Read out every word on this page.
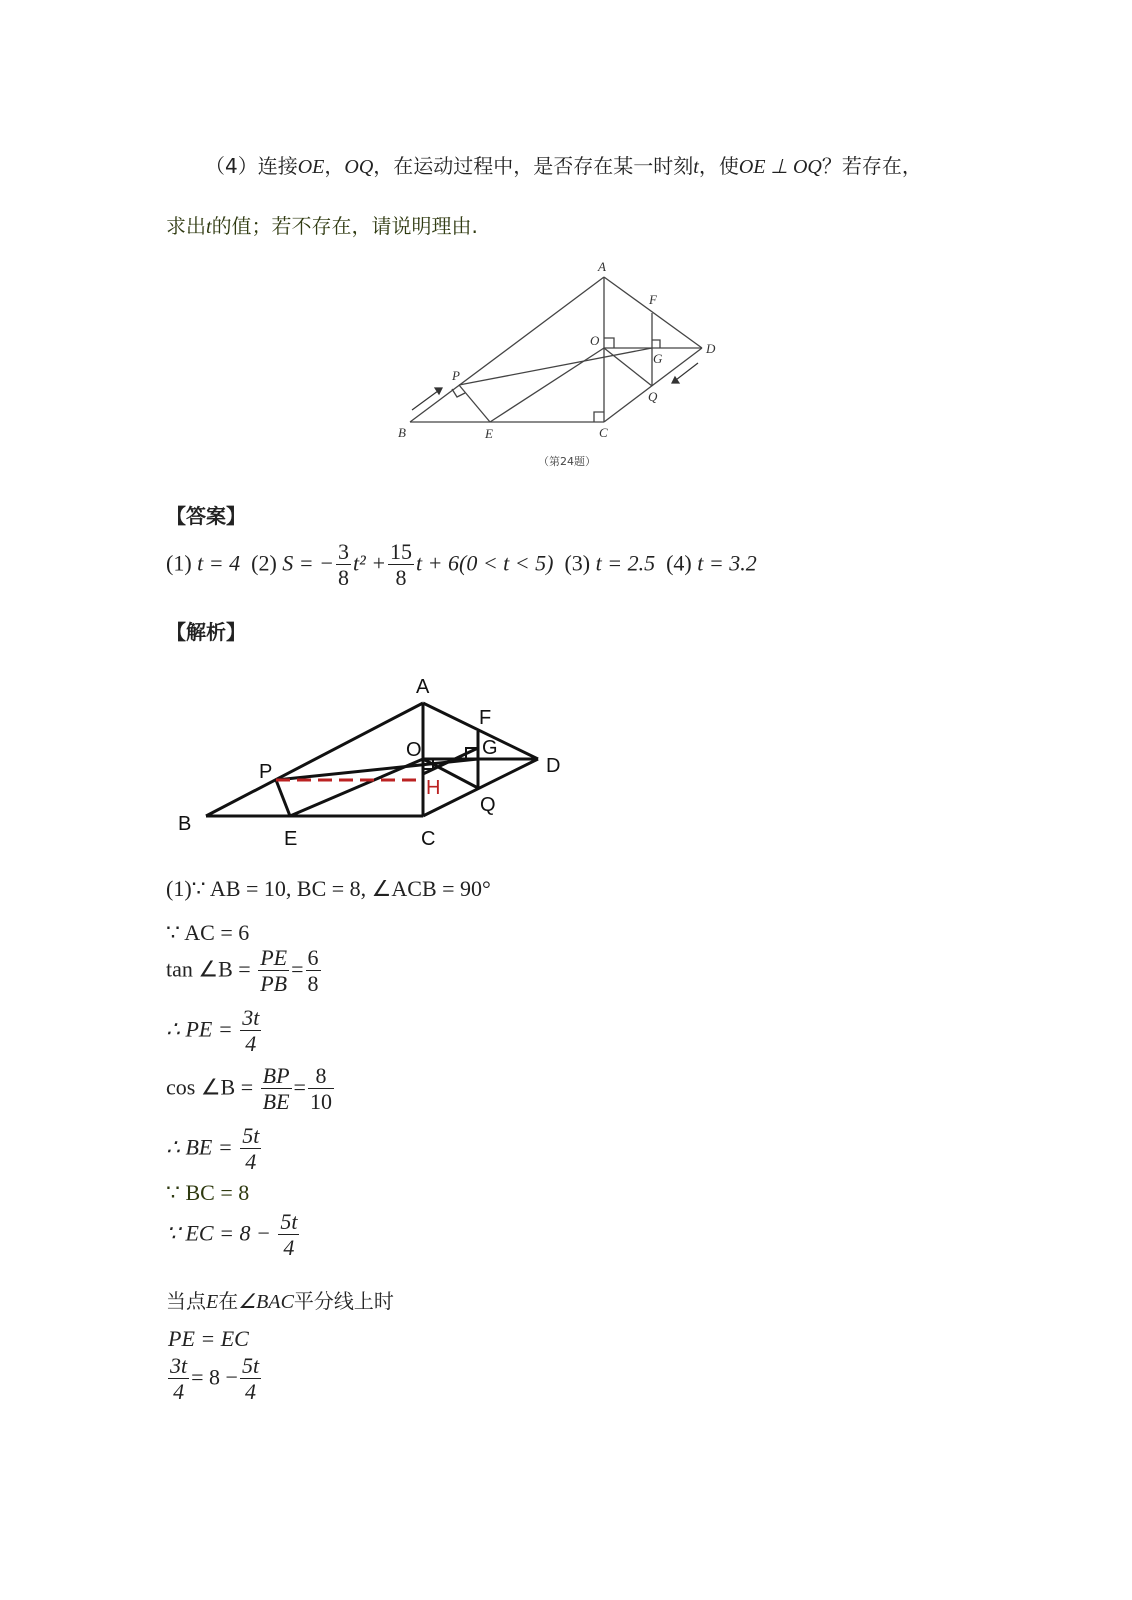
（4）连接OE，OQ，在运动过程中，是否存在某一时刻t，使OE ⊥ OQ？若存在，
求出t的值；若不存在，请说明理由.
A
B	C
D
E
F
G
O
P
Q
（第24题）
【答案】
(1) t = 4 (2) S = − $\frac{3}{8} t^2 + \frac{15}{8}$ t + 6(0 < t < 5) (3) t = 2.5 (4) t = 3.2
【解析】
A
B
C
D
E
F
G
O
P
Q
H
(1)∵ AB = 10, BC = 8, ∠ACB = 90°
∵ AC = 6
tan ∠B = $\frac{PE}{PB} = \frac{6}{8}$
∴ PE = $\frac{3t}{4}$
cos ∠B = $\frac{BP}{BE} = \frac{8}{10}$
∴ BE = $\frac{5t}{4}$
∵ BC = 8
∵ EC = $8 - \frac{5t}{4}$
当点E在∠BAC平分线上时
PE = EC
$\frac{3t}{4} = 8 - \frac{5t}{4}$
